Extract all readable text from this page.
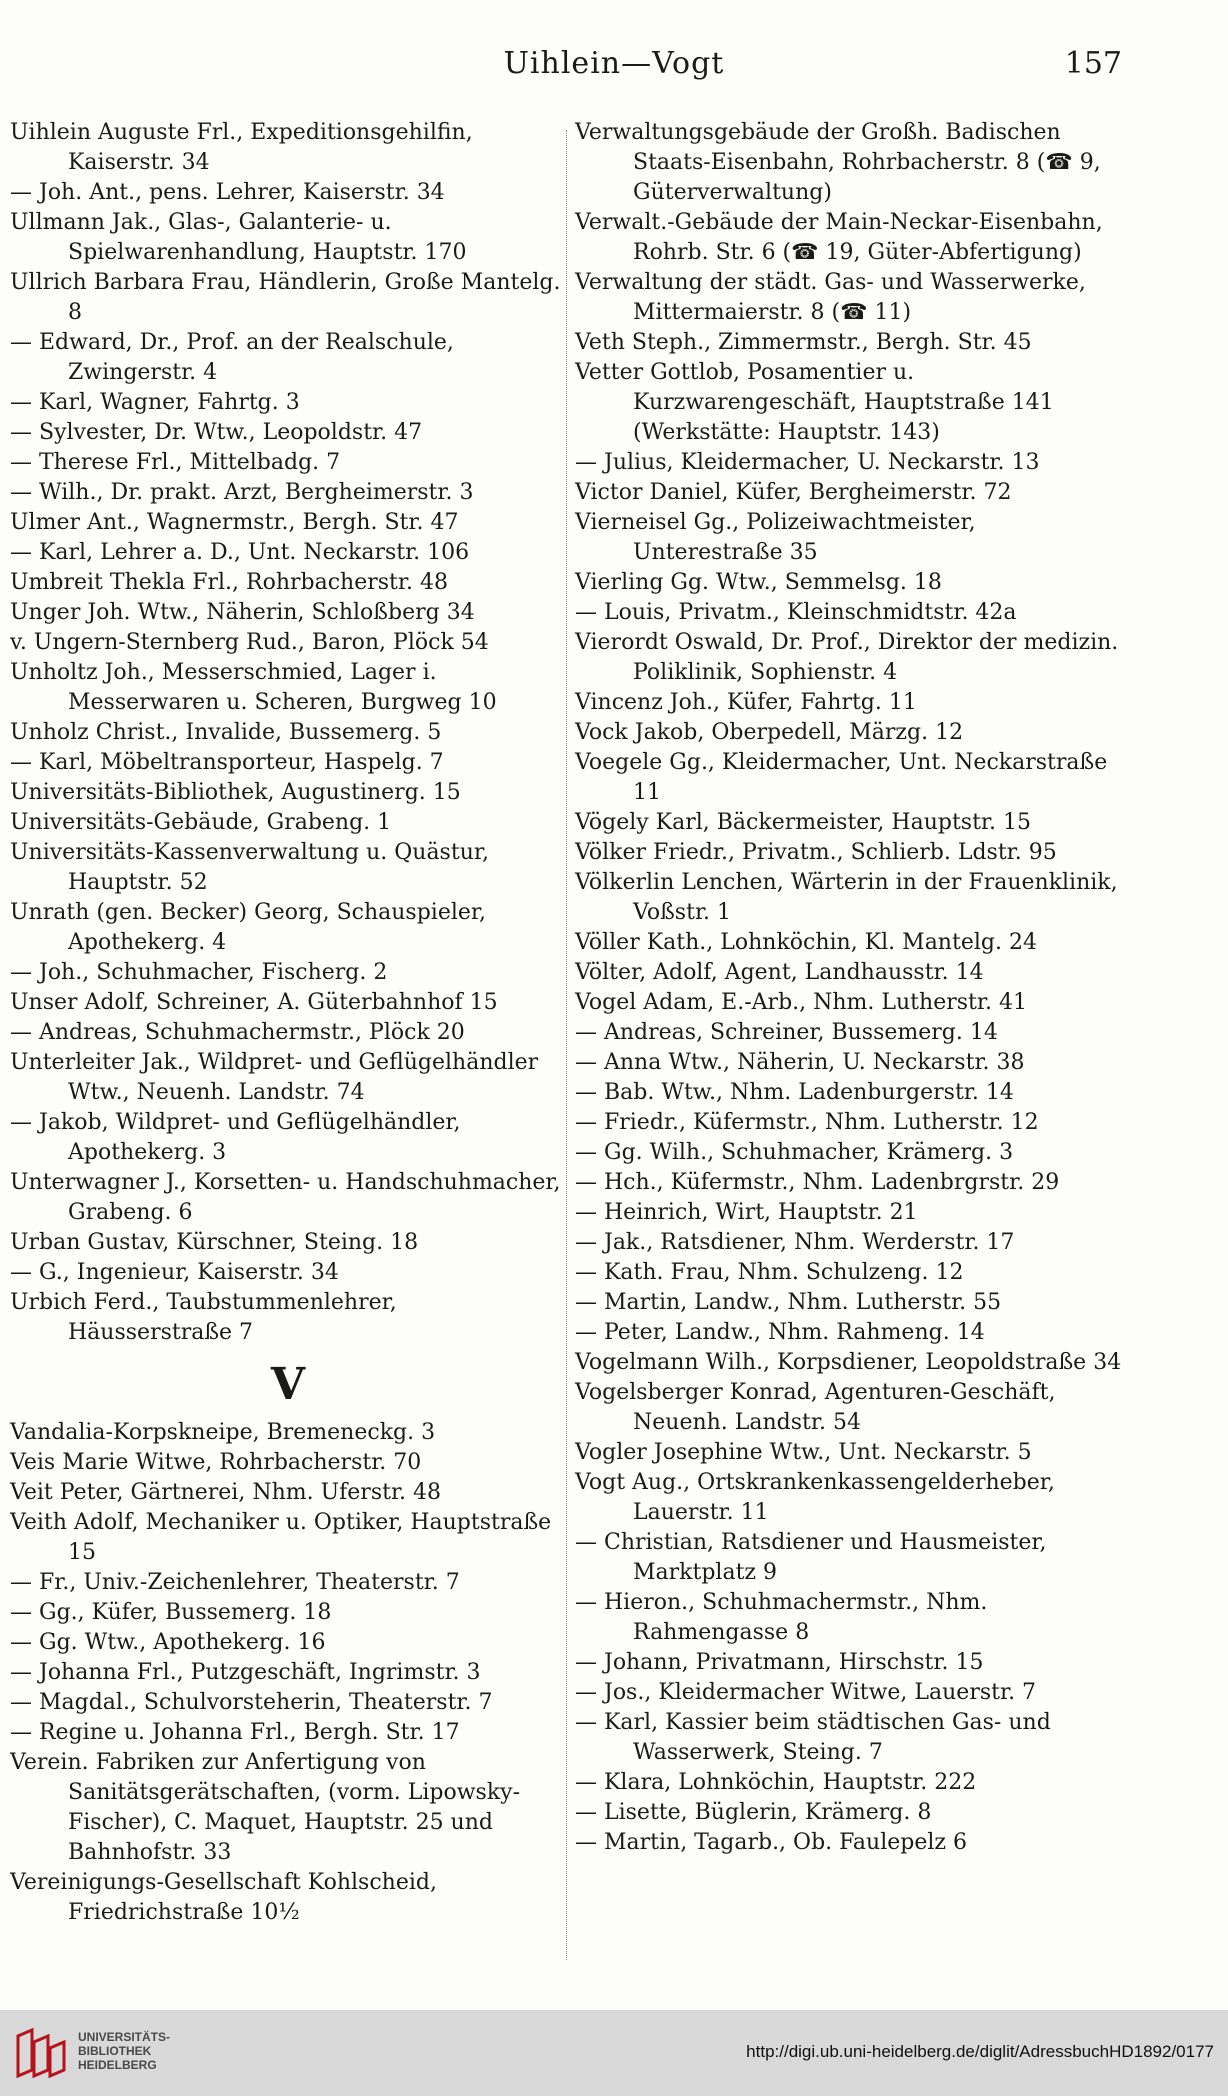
Uihlein—Vogt	157
Uihlein Auguste Frl., Expeditionsgehilfin, Kaiserstr. 34
— Joh. Ant., pens. Lehrer, Kaiserstr. 34
Ullmann Jak., Glas-, Galanterie- u. Spielwarenhandlung, Hauptstr. 170
Ullrich Barbara Frau, Händlerin, Große Mantelg. 8
— Edward, Dr., Prof. an der Realschule, Zwingerstr. 4
— Karl, Wagner, Fahrtg. 3
— Sylvester, Dr. Wtw., Leopoldstr. 47
— Therese Frl., Mittelbadg. 7
— Wilh., Dr. prakt. Arzt, Bergheimerstr. 3
Ulmer Ant., Wagnermstr., Bergh. Str. 47
— Karl, Lehrer a. D., Unt. Neckarstr. 106
Umbreit Thekla Frl., Rohrbacherstr. 48
Unger Joh. Wtw., Näherin, Schloßberg 34
v. Ungern-Sternberg Rud., Baron, Plöck 54
Unholtz Joh., Messerschmied, Lager i. Messerwaren u. Scheren, Burgweg 10
Unholz Christ., Invalide, Bussemerg. 5
— Karl, Möbeltransporteur, Haspelg. 7
Universitäts-Bibliothek, Augustinerg. 15
Universitäts-Gebäude, Grabeng. 1
Universitäts-Kassenverwaltung u. Quästur, Hauptstr. 52
Unrath (gen. Becker) Georg, Schauspieler, Apothekerg. 4
— Joh., Schuhmacher, Fischerg. 2
Unser Adolf, Schreiner, A. Güterbahnhof 15
— Andreas, Schuhmachermstr., Plöck 20
Unterleiter Jak., Wildpret- und Geflügelhändler Wtw., Neuenh. Landstr. 74
— Jakob, Wildpret- und Geflügelhändler, Apothekerg. 3
Unterwagner J., Korsetten- u. Handschuhmacher, Grabeng. 6
Urban Gustav, Kürschner, Steing. 18
— G., Ingenieur, Kaiserstr. 34
Urbich Ferd., Taubstummenlehrer, Häusserstraße 7
V
Vandalia-Korpskneipe, Bremeneckg. 3
Veis Marie Witwe, Rohrbacherstr. 70
Veit Peter, Gärtnerei, Nhm. Uferstr. 48
Veith Adolf, Mechaniker u. Optiker, Hauptstraße 15
— Fr., Univ.-Zeichenlehrer, Theaterstr. 7
— Gg., Küfer, Bussemerg. 18
— Gg. Wtw., Apothekerg. 16
— Johanna Frl., Putzgeschäft, Ingrimstr. 3
— Magdal., Schulvorsteherin, Theaterstr. 7
— Regine u. Johanna Frl., Bergh. Str. 17
Verein. Fabriken zur Anfertigung von Sanitätsgerätschaften, (vorm. Lipowsky-Fischer), C. Maquet, Hauptstr. 25 und Bahnhofstr. 33
Vereinigungs-Gesellschaft Kohlscheid, Friedrichstraße 10½
Verwaltungsgebäude der Großh. Badischen Staats-Eisenbahn, Rohrbacherstr. 8 (☎ 9, Güterverwaltung)
Verwalt.-Gebäude der Main-Neckar-Eisenbahn, Rohrb. Str. 6 (☎ 19, Güter-Abfertigung)
Verwaltung der städt. Gas- und Wasserwerke, Mittermaierstr. 8 (☎ 11)
Veth Steph., Zimmermstr., Bergh. Str. 45
Vetter Gottlob, Posamentier u. Kurzwarengeschäft, Hauptstraße 141 (Werkstätte: Hauptstr. 143)
— Julius, Kleidermacher, U. Neckarstr. 13
Victor Daniel, Küfer, Bergheimerstr. 72
Vierneisel Gg., Polizeiwachtmeister, Unterestraße 35
Vierling Gg. Wtw., Semmelsg. 18
— Louis, Privatm., Kleinschmidtstr. 42a
Vierordt Oswald, Dr. Prof., Direktor der medizin. Poliklinik, Sophienstr. 4
Vincenz Joh., Küfer, Fahrtg. 11
Vock Jakob, Oberpedell, Märzg. 12
Voegele Gg., Kleidermacher, Unt. Neckarstraße 11
Vögely Karl, Bäckermeister, Hauptstr. 15
Völker Friedr., Privatm., Schlierb. Ldstr. 95
Völkerlin Lenchen, Wärterin in der Frauenklinik, Voßstr. 1
Völler Kath., Lohnköchin, Kl. Mantelg. 24
Völter, Adolf, Agent, Landhausstr. 14
Vogel Adam, E.-Arb., Nhm. Lutherstr. 41
— Andreas, Schreiner, Bussemerg. 14
— Anna Wtw., Näherin, U. Neckarstr. 38
— Bab. Wtw., Nhm. Ladenburgerstr. 14
— Friedr., Küfermstr., Nhm. Lutherstr. 12
— Gg. Wilh., Schuhmacher, Krämerg. 3
— Hch., Küfermstr., Nhm. Ladenbrgrstr. 29
— Heinrich, Wirt, Hauptstr. 21
— Jak., Ratsdiener, Nhm. Werderstr. 17
— Kath. Frau, Nhm. Schulzeng. 12
— Martin, Landw., Nhm. Lutherstr. 55
— Peter, Landw., Nhm. Rahmeng. 14
Vogelmann Wilh., Korpsdiener, Leopoldstraße 34
Vogelsberger Konrad, Agenturen-Geschäft, Neuenh. Landstr. 54
Vogler Josephine Wtw., Unt. Neckarstr. 5
Vogt Aug., Ortskrankenkassengelderheber, Lauerstr. 11
— Christian, Ratsdiener und Hausmeister, Marktplatz 9
— Hieron., Schuhmachermstr., Nhm. Rahmengasse 8
— Johann, Privatmann, Hirschstr. 15
— Jos., Kleidermacher Witwe, Lauerstr. 7
— Karl, Kassier beim städtischen Gas- und Wasserwerk, Steing. 7
— Klara, Lohnköchin, Hauptstr. 222
— Lisette, Büglerin, Krämerg. 8
— Martin, Tagarb., Ob. Faulepelz 6
UNIVERSITÄTS-
BIBLIOTHEK
HEIDELBERG
http://digi.ub.uni-heidelberg.de/diglit/AdressbuchHD1892/0177
